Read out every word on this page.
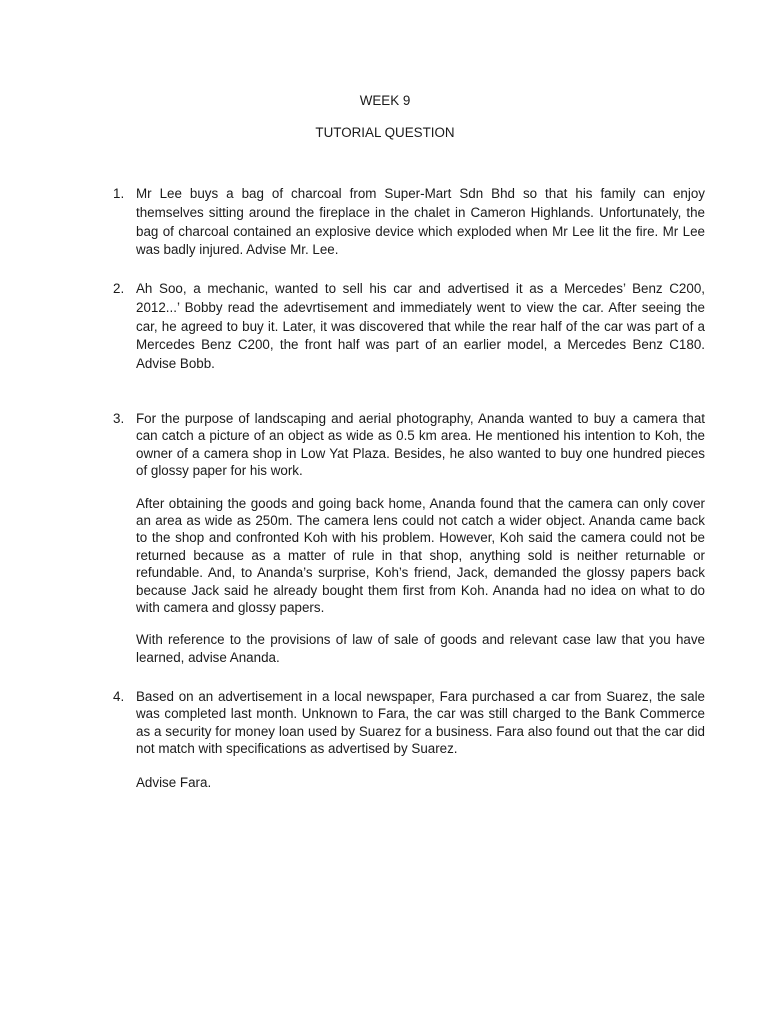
WEEK 9
TUTORIAL QUESTION
1. Mr Lee buys a bag of charcoal from Super-Mart Sdn Bhd so that his family can enjoy themselves sitting around the fireplace in the chalet in Cameron Highlands. Unfortunately, the bag of charcoal contained an explosive device which exploded when Mr Lee lit the fire. Mr Lee was badly injured. Advise Mr. Lee.

2. Ah Soo, a mechanic, wanted to sell his car and advertised it as a Mercedes’ Benz C200, 2012...’ Bobby read the adevrtisement and immediately went to view the car. After seeing the car, he agreed to buy it. Later, it was discovered that while the rear half of the car was part of a Mercedes Benz C200, the front half was part of an earlier model, a Mercedes Benz C180. Advise Bobb.

3. For the purpose of landscaping and aerial photography, Ananda wanted to buy a camera that can catch a picture of an object as wide as 0.5 km area. He mentioned his intention to Koh, the owner of a camera shop in Low Yat Plaza. Besides, he also wanted to buy one hundred pieces of glossy paper for his work.

After obtaining the goods and going back home, Ananda found that the camera can only cover an area as wide as 250m. The camera lens could not catch a wider object. Ananda came back to the shop and confronted Koh with his problem. However, Koh said the camera could not be returned because as a matter of rule in that shop, anything sold is neither returnable or refundable. And, to Ananda’s surprise, Koh’s friend, Jack, demanded the glossy papers back because Jack said he already bought them first from Koh. Ananda had no idea on what to do with camera and glossy papers.

With reference to the provisions of law of sale of goods and relevant case law that you have learned, advise Ananda.

4. Based on an advertisement in a local newspaper, Fara purchased a car from Suarez, the sale was completed last month. Unknown to Fara, the car was still charged to the Bank Commerce as a security for money loan used by Suarez for a business. Fara also found out that the car did not match with specifications as advertised by Suarez.

Advise Fara.
